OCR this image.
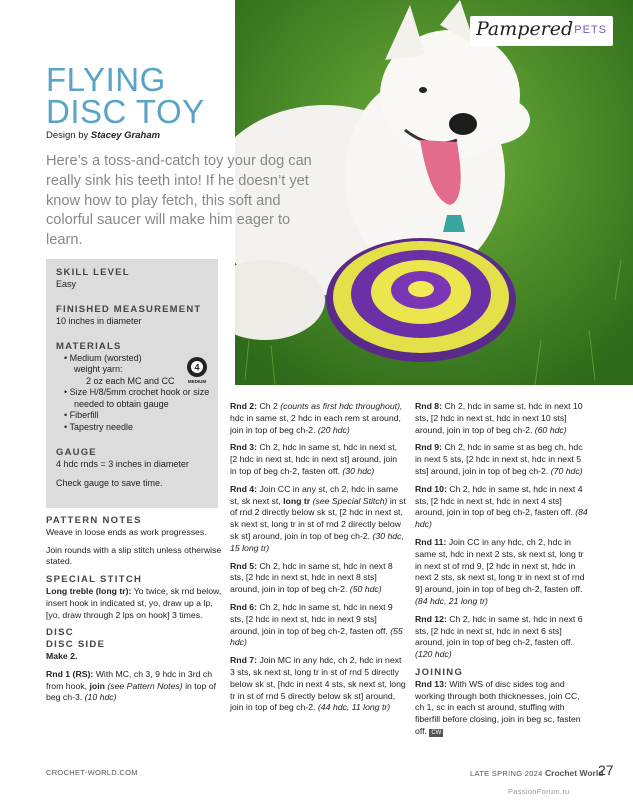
Pampered PETS
FLYING
DISC TOY
Design by Stacey Graham
Here’s a toss-and-catch toy your dog can really sink his teeth into! If he doesn’t yet know how to play fetch, this soft and colorful saucer will make him eager to learn.
SKILL LEVEL
Easy
FINISHED MEASUREMENT
10 inches in diameter
MATERIALS
• Medium (worsted)
weight yarn:
2 oz each MC and CC
• Size H/8/5mm crochet hook or size
needed to obtain gauge
• Fiberfill
• Tapestry needle
4
MEDIUM
GAUGE
4 hdc rnds = 3 inches in diameter
Check gauge to save time.
PATTERN NOTES

Weave in loose ends as work progresses.

Join rounds with a slip stitch unless otherwise stated.

SPECIAL STITCH

Long treble (long tr): Yo twice, sk rnd below, insert hook in indicated st, yo, draw up a lp, [yo, draw through 2 lps on hook] 3 times.

DISC
DISC SIDE

Make 2.

Rnd 1 (RS): With MC, ch 3, 9 hdc in 3rd ch from hook, join (see Pattern Notes) in top of beg ch-3. (10 hdc)

Rnd 2: Ch 2 (counts as first hdc throughout), hdc in same st, 2 hdc in each rem st around, join in top of beg ch-2. (20 hdc)

Rnd 3: Ch 2, hdc in same st, hdc in next st, [2 hdc in next st, hdc in next st] around, join in top of beg ch-2, fasten off. (30 hdc)

Rnd 4: Join CC in any st, ch 2, hdc in same st, sk next st, long tr (see Special Stitch) in st of rnd 2 directly below sk st, [2 hdc in next st, sk next st, long tr in st of rnd 2 directly below sk st] around, join in top of beg ch-2. (30 hdc, 15 long tr)

Rnd 5: Ch 2, hdc in same st, hdc in next 8 sts, [2 hdc in next st, hdc in next 8 sts] around, join in top of beg ch-2. (50 hdc)

Rnd 6: Ch 2, hdc in same st, hdc in next 9 sts, [2 hdc in next st, hdc in next 9 sts] around, join in top of beg ch-2, fasten off. (55 hdc)

Rnd 7: Join MC in any hdc, ch 2, hdc in next 3 sts, sk next st, long tr in st of rnd 5 directly below sk st, [hdc in next 4 sts, sk next st, long tr in st of rnd 5 directly below sk st] around, join in top of beg ch-2. (44 hdc, 11 long tr)

Rnd 8: Ch 2, hdc in same st, hdc in next 10 sts, [2 hdc in next st, hdc in next 10 sts] around, join in top of beg ch-2. (60 hdc)

Rnd 9: Ch 2, hdc in same st as beg ch, hdc in next 5 sts, [2 hdc in next st, hdc in next 5 sts] around, join in top of beg ch-2. (70 hdc)

Rnd 10: Ch 2, hdc in same st, hdc in next 4 sts, [2 hdc in next st, hdc in next 4 sts] around, join in top of beg ch-2, fasten off. (84 hdc)

Rnd 11: Join CC in any hdc, ch 2, hdc in same st, hdc in next 2 sts, sk next st, long tr in next st of rnd 9, [2 hdc in next st, hdc in next 2 sts, sk next st, long tr in next st of rnd 9] around, join in top of beg ch-2, fasten off. (84 hdc, 21 long tr)

Rnd 12: Ch 2, hdc in same st, hdc in next 6 sts, [2 hdc in next st, hdc in next 6 sts] around, join in top of beg ch-2, fasten off. (120 hdc)

JOINING

Rnd 13: With WS of disc sides tog and working through both thicknesses, join CC, ch 1, sc in each st around, stuffing with fiberfill before closing, join in beg sc, fasten off. CW

CROCHET-WORLD.COM	LATE SPRING 2024 Crochet World
27
PassionForum.ru
